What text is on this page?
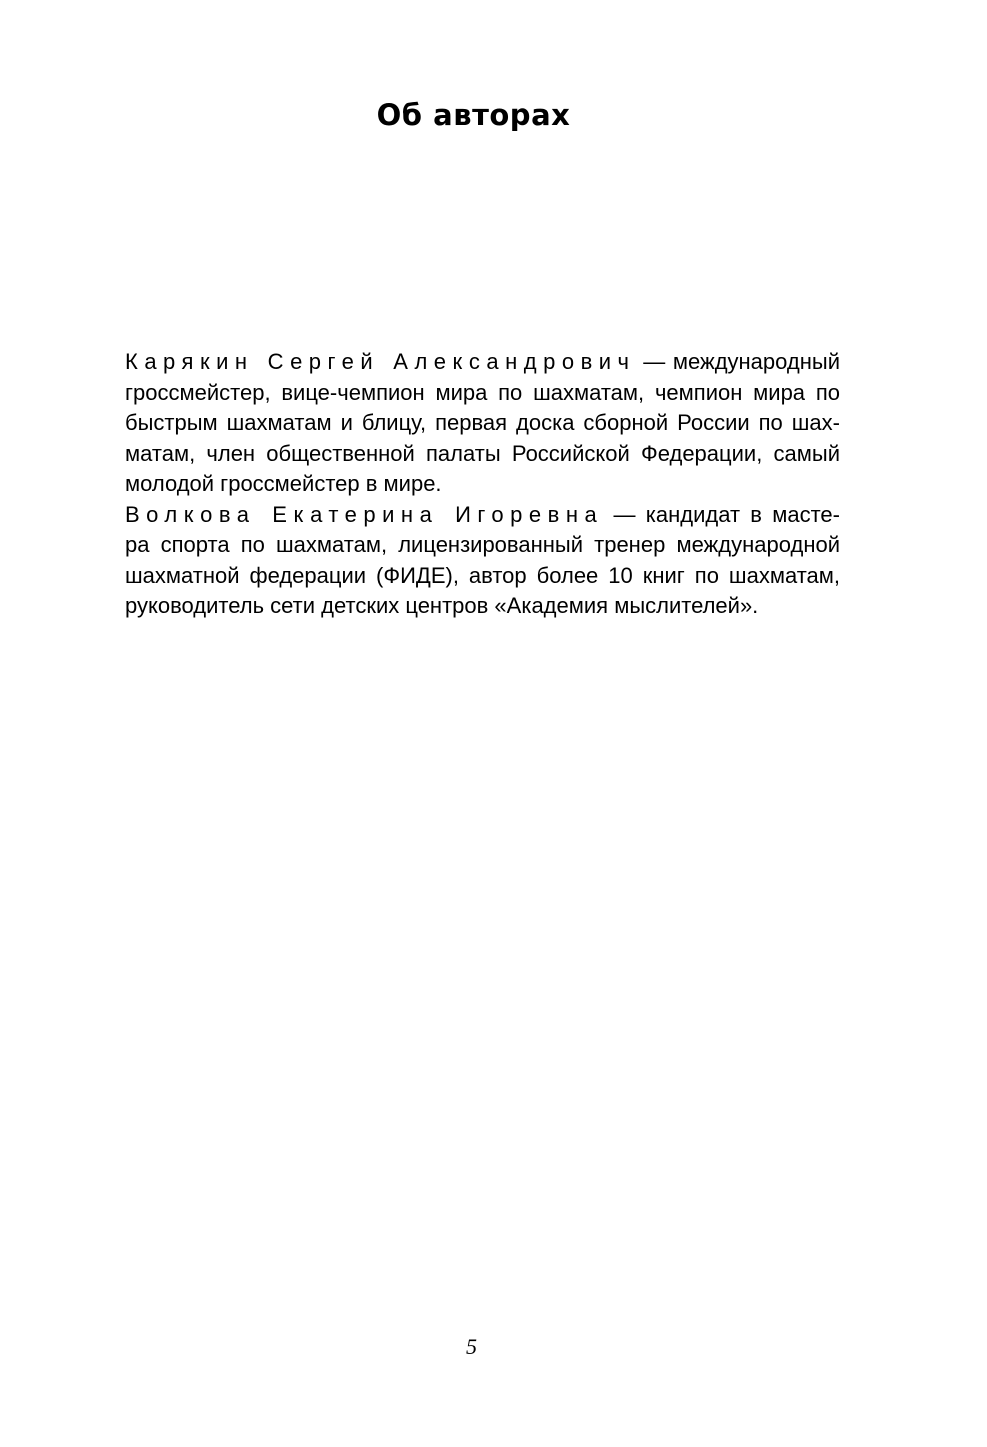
Об авторах
Карякин Сергей Александрович — международный
гроссмейстер, вице-чемпион мира по шахматам, чемпион мира по
быстрым шахматам и блицу, первая доска сборной России по шах-
матам, член общественной палаты Российской Федерации, самый
молодой гроссмейстер в мире.
Волкова Екатерина Игоревна — кандидат в масте-
ра спорта по шахматам, лицензированный тренер международной
шахматной федерации (ФИДЕ), автор более 10 книг по шахматам,
руководитель сети детских центров «Академия мыслителей».
5
